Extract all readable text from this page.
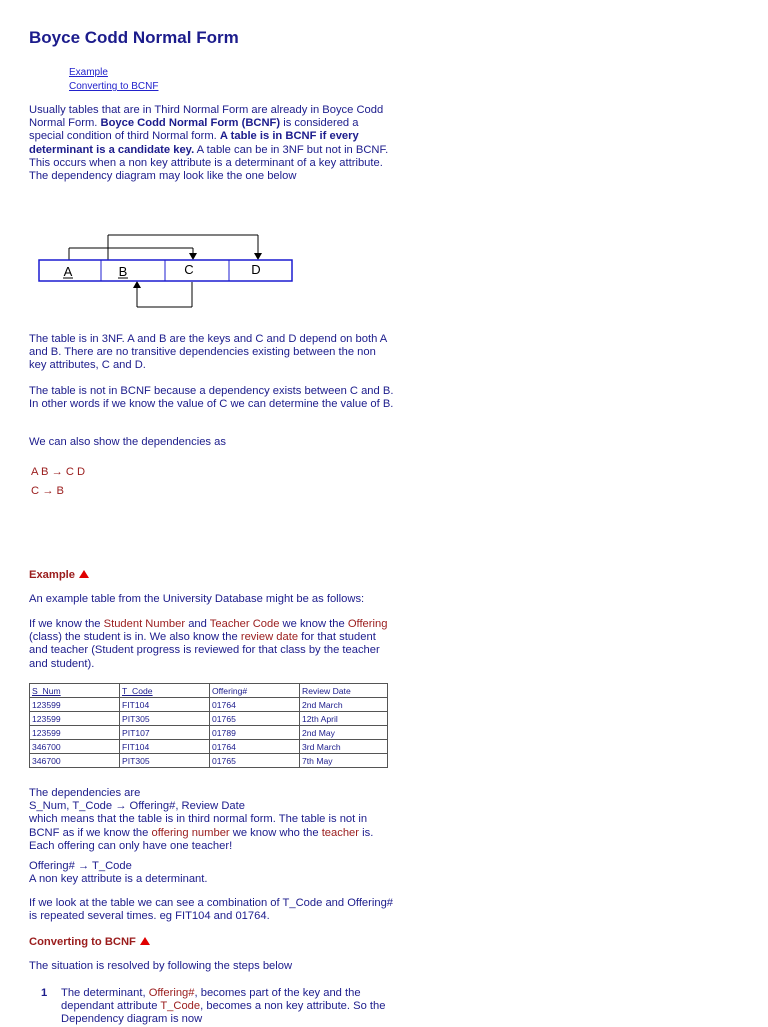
Boyce Codd Normal Form
Example
Converting to BCNF

Usually tables that are in Third Normal Form are already in Boyce Codd Normal Form. Boyce Codd Normal Form (BCNF) is considered a special condition of third Normal form. A table is in BCNF if every determinant is a candidate key. A table can be in 3NF but not in BCNF. This occurs when a non key attribute is a determinant of a key attribute. The dependency diagram may look like the one below

A	B	C	D

The table is in 3NF. A and B are the keys and C and D depend on both A and B. There are no transitive dependencies existing between the non key attributes, C and D.

The table is not in BCNF because a dependency exists between C and B. In other words if we know the value of C we can determine the value of B.

We can also show the dependencies as

A B → C D
C → B
Example

An example table from the University Database might be as follows:

If we know the Student Number and Teacher Code we know the Offering (class) the student is in. We also know the review date for that student and teacher (Student progress is reviewed for that class by the teacher and student).

S_Num	T_Code	Offering#	Review Date
123599	FIT104	01764	2nd March
123599	PIT305	01765	12th April
123599	PIT107	01789	2nd May
346700	FIT104	01764	3rd March
346700	PIT305	01765	7th May

The dependencies are
S_Num, T_Code → Offering#, Review Date
which means that the table is in third normal form. The table is not in BCNF as if we know the offering number we know who the teacher is. Each offering can only have one teacher!

Offering# → T_Code
A non key attribute is a determinant.

If we look at the table we can see a combination of T_Code and Offering# is repeated several times. eg FIT104 and 01764.

Converting to BCNF

The situation is resolved by following the steps below

1 The determinant, Offering#, becomes part of the key and the dependant attribute T_Code, becomes a non key attribute. So the Dependency diagram is now
